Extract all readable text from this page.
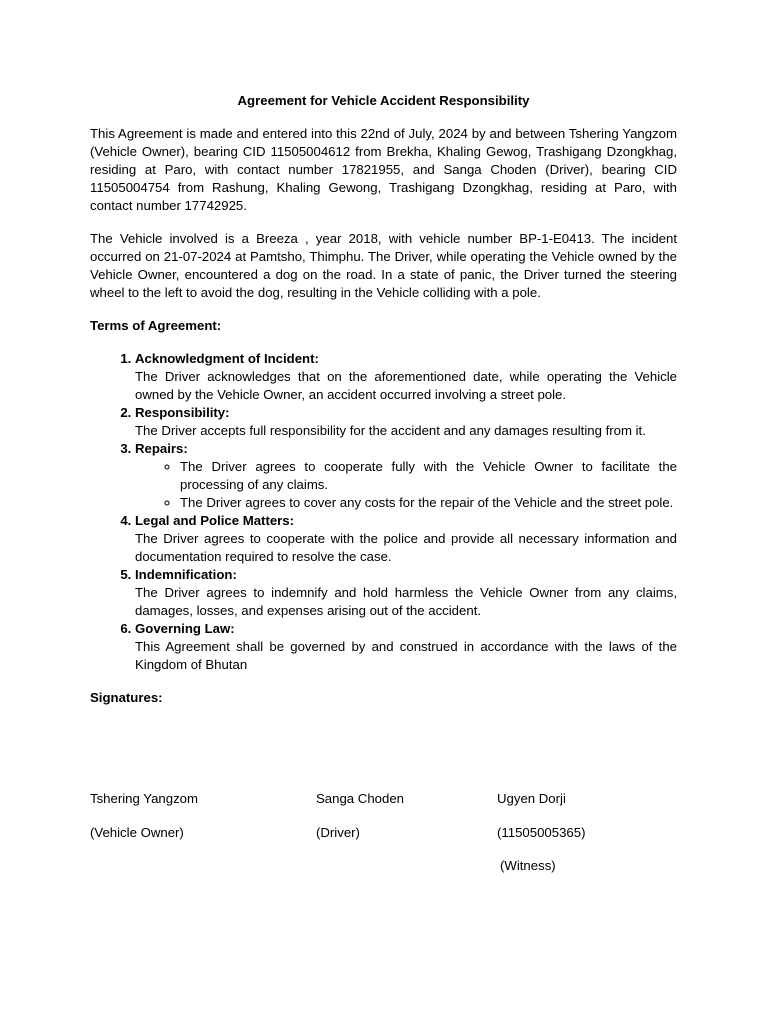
Agreement for Vehicle Accident Responsibility
This Agreement is made and entered into this 22nd of July, 2024 by and between Tshering Yangzom (Vehicle Owner), bearing CID 11505004612 from Brekha, Khaling Gewog, Trashigang Dzongkhag, residing at Paro, with contact number 17821955, and Sanga Choden (Driver), bearing CID 11505004754 from Rashung, Khaling Gewong, Trashigang Dzongkhag, residing at Paro, with contact number 17742925.
The Vehicle involved is a Breeza , year 2018, with vehicle number BP-1-E0413. The incident occurred on 21-07-2024 at Pamtsho, Thimphu. The Driver, while operating the Vehicle owned by the Vehicle Owner, encountered a dog on the road. In a state of panic, the Driver turned the steering wheel to the left to avoid the dog, resulting in the Vehicle colliding with a pole.
Terms of Agreement:
1. Acknowledgment of Incident:
The Driver acknowledges that on the aforementioned date, while operating the Vehicle owned by the Vehicle Owner, an accident occurred involving a street pole.
2. Responsibility:
The Driver accepts full responsibility for the accident and any damages resulting from it.
3. Repairs:
◦ The Driver agrees to cooperate fully with the Vehicle Owner to facilitate the processing of any claims.
◦ The Driver agrees to cover any costs for the repair of the Vehicle and the street pole.
4. Legal and Police Matters:
The Driver agrees to cooperate with the police and provide all necessary information and documentation required to resolve the case.
5. Indemnification:
The Driver agrees to indemnify and hold harmless the Vehicle Owner from any claims, damages, losses, and expenses arising out of the accident.
6. Governing Law:
This Agreement shall be governed by and construed in accordance with the laws of the Kingdom of Bhutan
Signatures:
Tshering Yangzom
(Vehicle Owner)
Sanga Choden
(Driver)
Ugyen Dorji
(11505005365)
(Witness)
